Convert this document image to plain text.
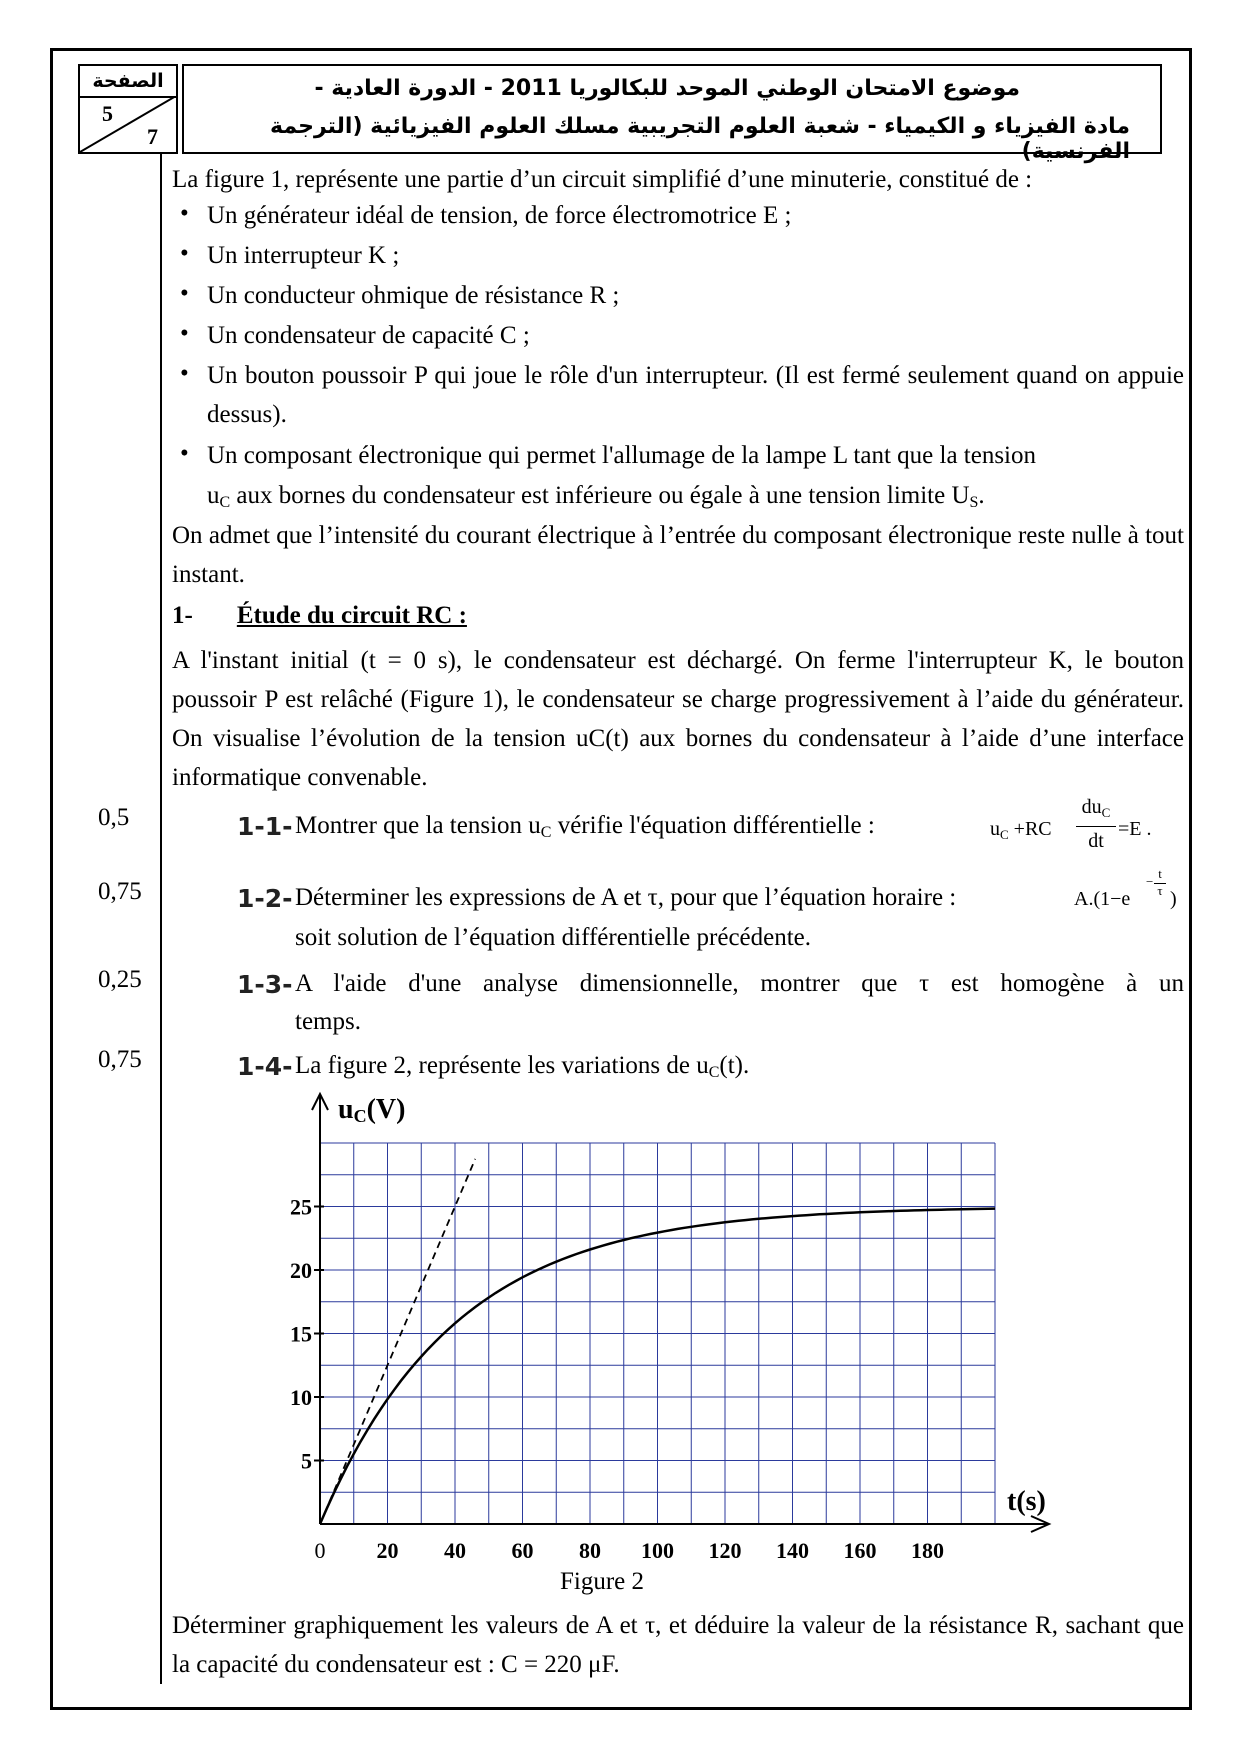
الصفحة
5
7
موضوع الامتحان الوطني الموحد للبكالوريا 2011 - الدورة العادية -
مادة الفيزياء و الكيمياء - شعبة العلوم التجريبية مسلك العلوم الفيزيائية (الترجمة الفرنسية)
La figure 1, représente une partie d’un circuit simplifié d’une minuterie, constitué de :
• Un générateur idéal de tension, de force électromotrice E ;
• Un interrupteur K ;
• Un conducteur ohmique de résistance R ;
• Un condensateur de capacité C ;
• Un bouton poussoir P qui joue le rôle d'un interrupteur. (Il est fermé seulement quand on appuie dessus).
• Un composant électronique qui permet l'allumage de la lampe L tant que la tension
$u_C$ aux bornes du condensateur est inférieure ou égale à une tension limite $U_S$.
On admet que l’intensité du courant électrique à l’entrée du composant électronique reste nulle à tout instant.
1- Étude du circuit RC :
A l'instant initial (t = 0 s), le condensateur est déchargé. On ferme l'interrupteur K, le bouton poussoir P est relâché (Figure 1), le condensateur se charge progressivement à l’aide du générateur. On visualise l’évolution de la tension uC(t) aux bornes du condensateur à l’aide d’une interface informatique convenable.
0,5	1-1- Montrer que la tension $u_C$ vérifie l'équation différentielle :	$u_C +RC$
$du_C$
dt
=E .
0,75	1-2- Déterminer les expressions de A et τ, pour que l’équation horaire :	A.(1−e
−
t
τ )
soit solution de l’équation différentielle précédente.
0,25	1-3- A l'aide d'une analyse dimensionnelle, montrer que τ est homogène à un
temps.
0,75	1-4- La figure 2, représente les variations de $u_C(t)$.
0 20 40 60 80 100 120 140 160 180
5
10
15
20
25
uC(V)
t(s)
Figure 2
Déterminer graphiquement les valeurs de A et τ, et déduire la valeur de la résistance R, sachant que la capacité du condensateur est : C = 220 μF.
